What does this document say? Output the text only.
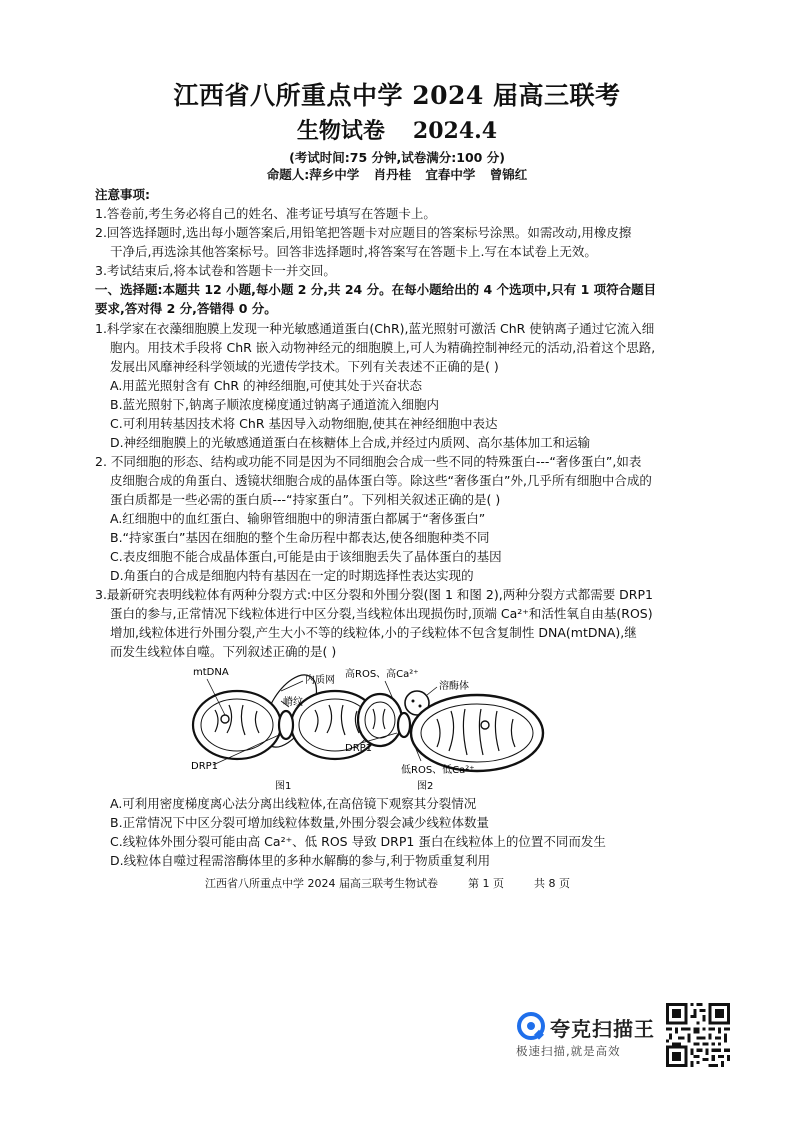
江西省八所重点中学 2024 届高三联考
生物试卷 2024.4
(考试时间:75 分钟,试卷满分:100 分)
命题人:萍乡中学 肖丹桂 宜春中学 曾锦红
注意事项:
1.答卷前,考生务必将自己的姓名、准考证号填写在答题卡上。
2.回答选择题时,选出每小题答案后,用铅笔把答题卡对应题目的答案标号涂黑。如需改动,用橡皮擦
干净后,再选涂其他答案标号。回答非选择题时,将答案写在答题卡上.写在本试卷上无效。
3.考试结束后,将本试卷和答题卡一并交回。
一、选择题:本题共 12 小题,每小题 2 分,共 24 分。在每小题给出的 4 个选项中,只有 1 项符合题目
要求,答对得 2 分,答错得 0 分。
1.科学家在衣藻细胞膜上发现一种光敏感通道蛋白(ChR),蓝光照射可激活 ChR 使钠离子通过它流入细
胞内。用技术手段将 ChR 嵌入动物神经元的细胞膜上,可人为精确控制神经元的活动,沿着这个思路,
发展出风靡神经科学领域的光遗传学技术。下列有关表述不正确的是( )
A.用蓝光照射含有 ChR 的神经细胞,可使其处于兴奋状态
B.蓝光照射下,钠离子顺浓度梯度通过钠离子通道流入细胞内
C.可利用转基因技术将 ChR 基因导入动物细胞,使其在神经细胞中表达
D.神经细胞膜上的光敏感通道蛋白在核糖体上合成,并经过内质网、高尔基体加工和运输
2. 不同细胞的形态、结构或功能不同是因为不同细胞会合成一些不同的特殊蛋白---“奢侈蛋白”,如表
皮细胞合成的角蛋白、透镜状细胞合成的晶体蛋白等。除这些“奢侈蛋白”外,几乎所有细胞中合成的
蛋白质都是一些必需的蛋白质---“持家蛋白”。下列相关叙述正确的是( )
A.红细胞中的血红蛋白、输卵管细胞中的卵清蛋白都属于“奢侈蛋白”
B.“持家蛋白”基因在细胞的整个生命历程中都表达,使各细胞种类不同
C.表皮细胞不能合成晶体蛋白,可能是由于该细胞丢失了晶体蛋白的基因
D.角蛋白的合成是细胞内特有基因在一定的时期选择性表达实现的
3.最新研究表明线粒体有两种分裂方式:中区分裂和外围分裂(图 1 和图 2),两种分裂方式都需要 DRP1
蛋白的参与,正常情况下线粒体进行中区分裂,当线粒体出现损伤时,顶端 Ca²⁺和活性氧自由基(ROS)
增加,线粒体进行外围分裂,产生大小不等的线粒体,小的子线粒体不包含复制性 DNA(mtDNA),继
而发生线粒体自噬。下列叙述正确的是( )
mtDNA
内质网
嵴纹
DRP1
图1
高ROS、高Ca²⁺
溶酶体
DRP1
低ROS、低Ca²⁺
图2
A.可利用密度梯度离心法分离出线粒体,在高倍镜下观察其分裂情况
B.正常情况下中区分裂可增加线粒体数量,外围分裂会减少线粒体数量
C.线粒体外围分裂可能由高 Ca²⁺、低 ROS 导致 DRP1 蛋白在线粒体上的位置不同而发生
D.线粒体自噬过程需溶酶体里的多种水解酶的参与,利于物质重复利用
江西省八所重点中学 2024 届高三联考生物试卷	第 1 页	共 8 页
夸克扫描王
极速扫描,就是高效
